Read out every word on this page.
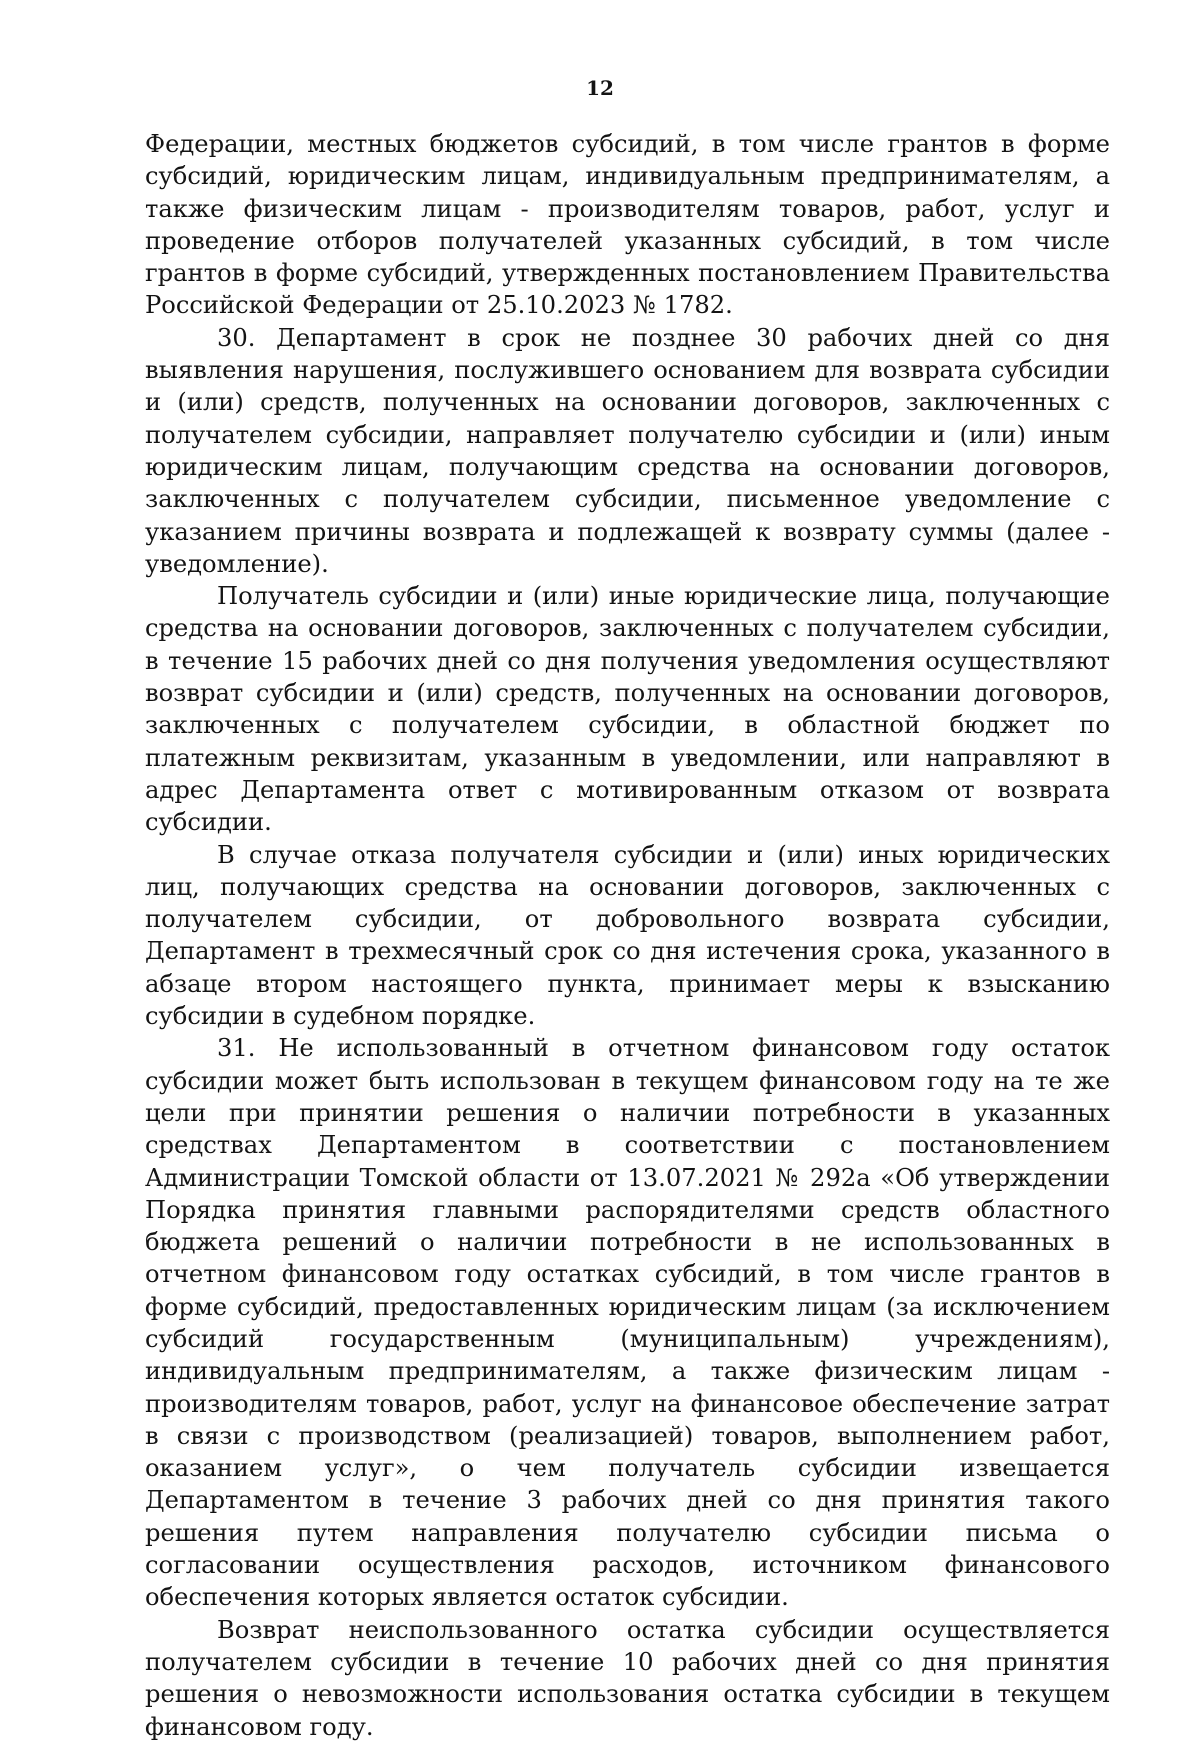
12

Федерации, местных бюджетов субсидий, в том числе грантов в форме субсидий, юридическим лицам, индивидуальным предпринимателям, а также физическим лицам - производителям товаров, работ, услуг и проведение отборов получателей указанных субсидий, в том числе грантов в форме субсидий, утвержденных постановлением Правительства Российской Федерации от 25.10.2023 № 1782.

30. Департамент в срок не позднее 30 рабочих дней со дня выявления нарушения, послужившего основанием для возврата субсидии и (или) средств, полученных на основании договоров, заключенных с получателем субсидии, направляет получателю субсидии и (или) иным юридическим лицам, получающим средства на основании договоров, заключенных с получателем субсидии, письменное уведомление с указанием причины возврата и подлежащей к возврату суммы (далее - уведомление).

Получатель субсидии и (или) иные юридические лица, получающие средства на основании договоров, заключенных с получателем субсидии, в течение 15 рабочих дней со дня получения уведомления осуществляют возврат субсидии и (или) средств, полученных на основании договоров, заключенных с получателем субсидии, в областной бюджет по платежным реквизитам, указанным в уведомлении, или направляют в адрес Департамента ответ с мотивированным отказом от возврата субсидии.

В случае отказа получателя субсидии и (или) иных юридических лиц, получающих средства на основании договоров, заключенных с получателем субсидии, от добровольного возврата субсидии, Департамент в трехмесячный срок со дня истечения срока, указанного в абзаце втором настоящего пункта, принимает меры к взысканию субсидии в судебном порядке.

31. Не использованный в отчетном финансовом году остаток субсидии может быть использован в текущем финансовом году на те же цели при принятии решения о наличии потребности в указанных средствах Департаментом в соответствии с постановлением Администрации Томской области от 13.07.2021 № 292а «Об утверждении Порядка принятия главными распорядителями средств областного бюджета решений о наличии потребности в не использованных в отчетном финансовом году остатках субсидий, в том числе грантов в форме субсидий, предоставленных юридическим лицам (за исключением субсидий государственным (муниципальным) учреждениям), индивидуальным предпринимателям, а также физическим лицам - производителям товаров, работ, услуг на финансовое обеспечение затрат в связи с производством (реализацией) товаров, выполнением работ, оказанием услуг», о чем получатель субсидии извещается Департаментом в течение 3 рабочих дней со дня принятия такого решения путем направления получателю субсидии письма о согласовании осуществления расходов, источником финансового обеспечения которых является остаток субсидии.

Возврат неиспользованного остатка субсидии осуществляется получателем субсидии в течение 10 рабочих дней со дня принятия решения о невозможности использования остатка субсидии в текущем финансовом году.
